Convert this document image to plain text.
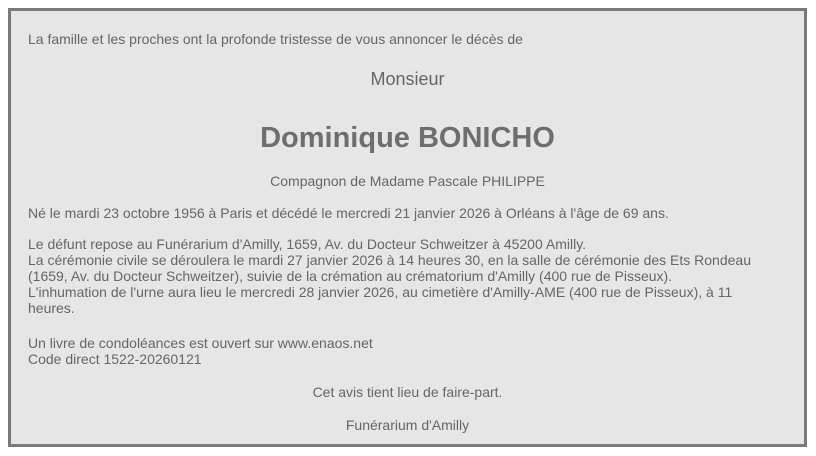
La famille et les proches ont la profonde tristesse de vous annoncer le décès de

Monsieur

Dominique BONICHO

Compagnon de Madame Pascale PHILIPPE

Né le mardi 23 octobre 1956 à Paris et décédé le mercredi 21 janvier 2026 à Orléans à l'âge de 69 ans.

Le défunt repose au Funérarium d'Amilly, 1659, Av. du Docteur Schweitzer à 45200 Amilly.
La cérémonie civile se déroulera le mardi 27 janvier 2026 à 14 heures 30, en la salle de cérémonie des Ets Rondeau
(1659, Av. du Docteur Schweitzer), suivie de la crémation au crématorium d'Amilly (400 rue de Pisseux).
L'inhumation de l'urne aura lieu le mercredi 28 janvier 2026, au cimetière d'Amilly-AME (400 rue de Pisseux), à 11
heures.
Un livre de condoléances est ouvert sur www.enaos.net
Code direct 1522-20260121

Cet avis tient lieu de faire-part.

Funérarium d'Amilly
